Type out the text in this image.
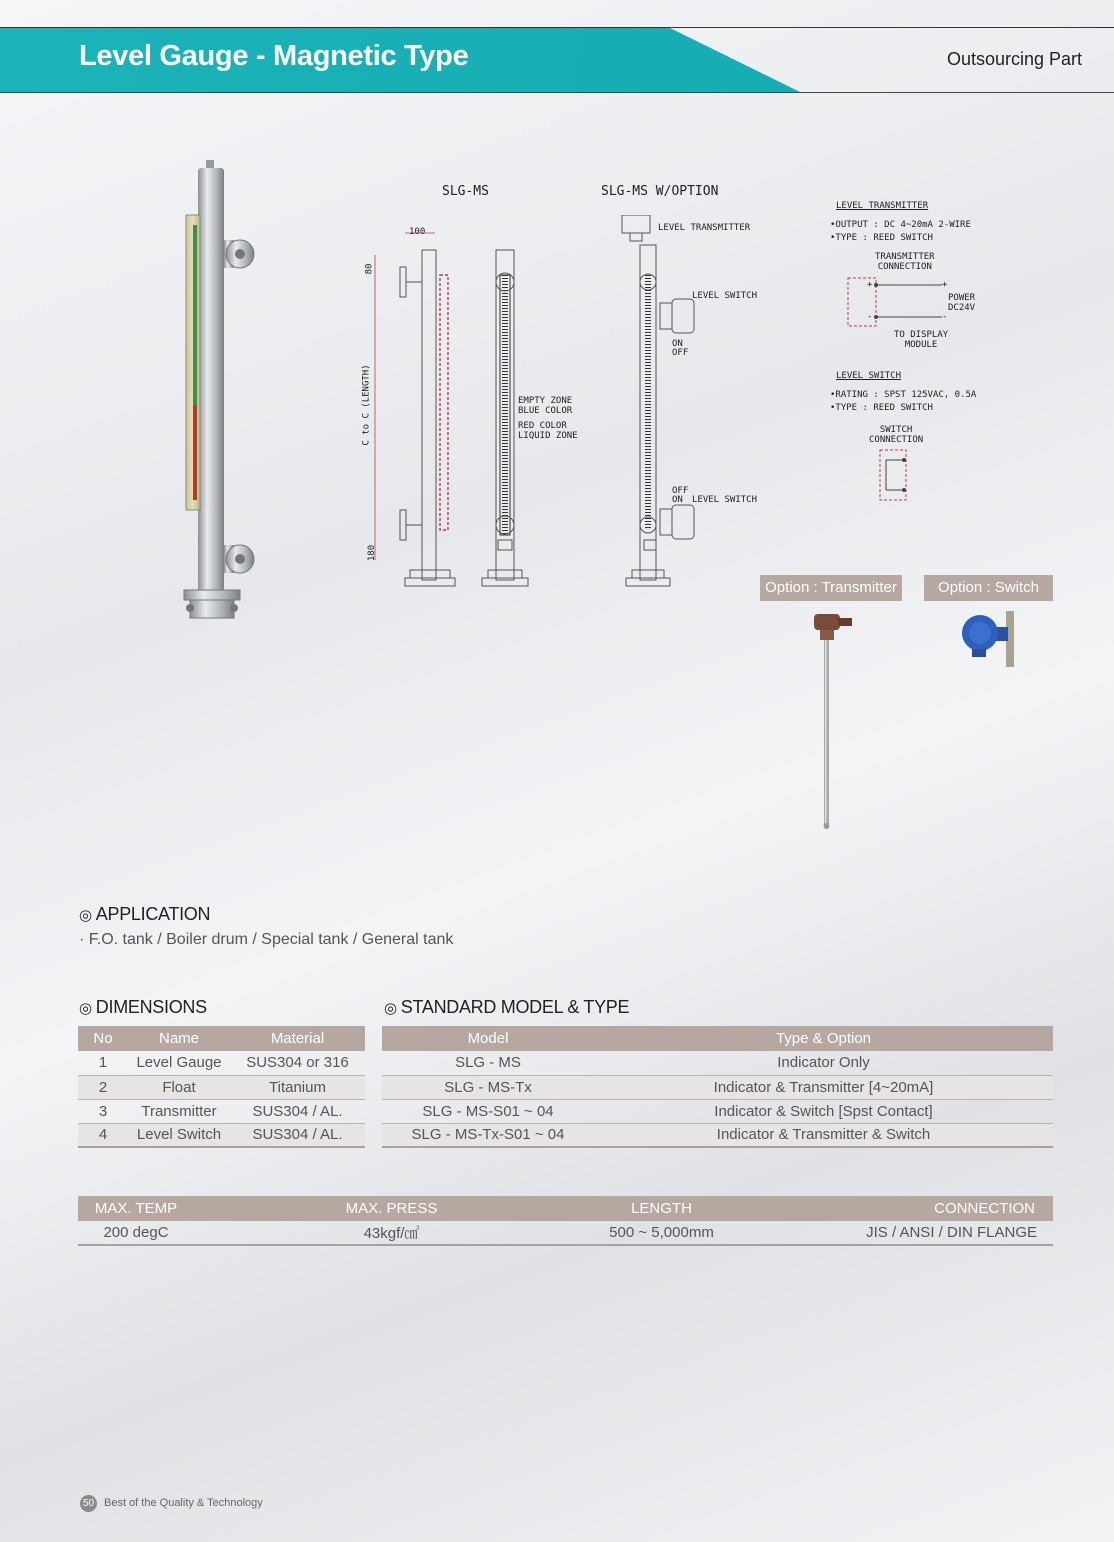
Level Gauge - Magnetic Type	Outsourcing Part
SLG-MS	SLG-MS W/OPTION
100
80
C to C (LENGTH)
180
EMPTY ZONE
BLUE COLOR
RED COLOR
LIQUID ZONE
LEVEL TRANSMITTER
LEVEL SWITCH
ON
OFF
OFF
ON LEVEL SWITCH
LEVEL TRANSMITTER
•OUTPUT : DC 4~20mA 2-WIRE
•TYPE : REED SWITCH
TRANSMITTER
CONNECTION
+	+
-	-
POWER
DC24V
TO DISPLAY
MODULE
LEVEL SWITCH
•RATING : SPST 125VAC, 0.5A
•TYPE : REED SWITCH
SWITCH
CONNECTION
Option : Transmitter	Option : Switch
◎ APPLICATION
· F.O. tank / Boiler drum / Special tank / General tank
◎ DIMENSIONS
No	Name	Material
1	Level Gauge	SUS304 or 316
2	Float	Titanium
3	Transmitter	SUS304 / AL.
4	Level Switch	SUS304 / AL.
◎ STANDARD MODEL & TYPE
Model	Type & Option
SLG - MS	Indicator Only
SLG - MS-Tx	Indicator & Transmitter [4~20mA]
SLG - MS-S01 ~ 04	Indicator & Switch [Spst Contact]
SLG - MS-Tx-S01 ~ 04	Indicator & Transmitter & Switch
MAX. TEMP	MAX. PRESS	LENGTH	CONNECTION
200 degC	43kgf/㎠	500 ~ 5,000mm	JIS / ANSI / DIN FLANGE
50 Best of the Quality & Technology
